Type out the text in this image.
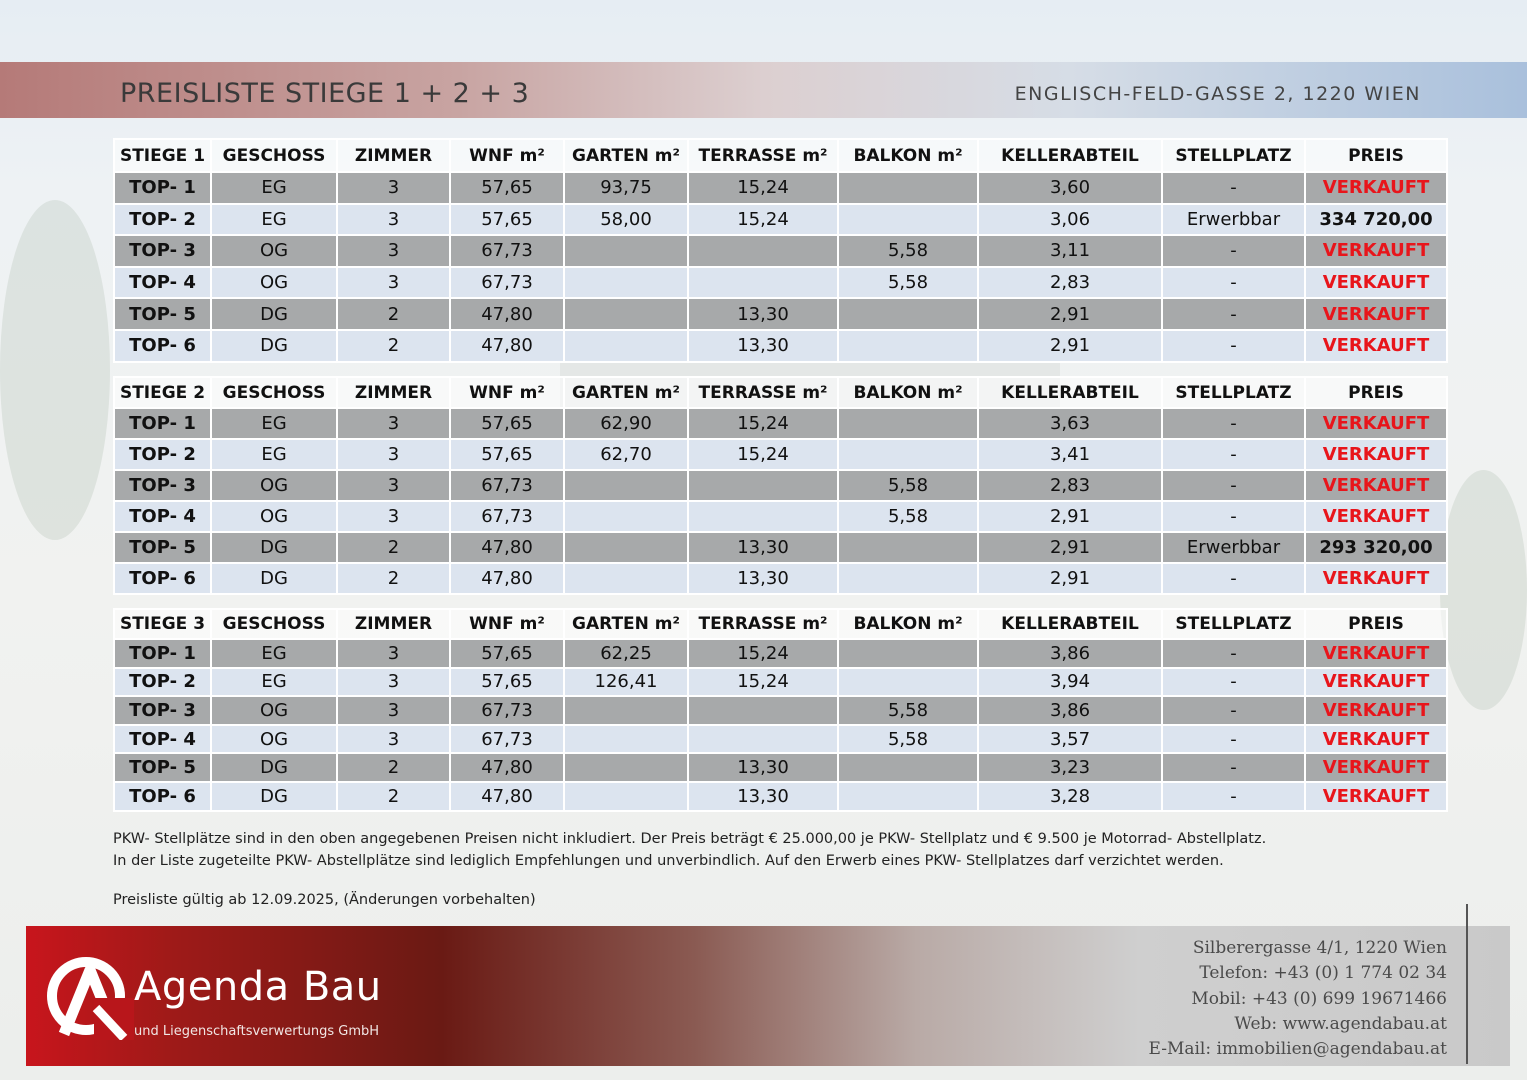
PREISLISTE STIEGE 1 + 2 + 3	ENGLISCH-FELD-GASSE 2, 1220 WIEN
STIEGE 1	GESCHOSS	ZIMMER	WNF m²	GARTEN m²	TERRASSE m²	BALKON m²	KELLERABTEIL	STELLPLATZ	PREIS
TOP- 1	EG	3	57,65	93,75	15,24		3,60	-	VERKAUFT
TOP- 2	EG	3	57,65	58,00	15,24		3,06	Erwerbbar	334 720,00
TOP- 3	OG	3	67,73			5,58	3,11	-	VERKAUFT
TOP- 4	OG	3	67,73			5,58	2,83	-	VERKAUFT
TOP- 5	DG	2	47,80		13,30		2,91	-	VERKAUFT
TOP- 6	DG	2	47,80		13,30		2,91	-	VERKAUFT
STIEGE 2	GESCHOSS	ZIMMER	WNF m²	GARTEN m²	TERRASSE m²	BALKON m²	KELLERABTEIL	STELLPLATZ	PREIS
TOP- 1	EG	3	57,65	62,90	15,24		3,63	-	VERKAUFT
TOP- 2	EG	3	57,65	62,70	15,24		3,41	-	VERKAUFT
TOP- 3	OG	3	67,73			5,58	2,83	-	VERKAUFT
TOP- 4	OG	3	67,73			5,58	2,91	-	VERKAUFT
TOP- 5	DG	2	47,80		13,30		2,91	Erwerbbar	293 320,00
TOP- 6	DG	2	47,80		13,30		2,91	-	VERKAUFT
STIEGE 3	GESCHOSS	ZIMMER	WNF m²	GARTEN m²	TERRASSE m²	BALKON m²	KELLERABTEIL	STELLPLATZ	PREIS
TOP- 1	EG	3	57,65	62,25	15,24		3,86	-	VERKAUFT
TOP- 2	EG	3	57,65	126,41	15,24		3,94	-	VERKAUFT
TOP- 3	OG	3	67,73			5,58	3,86	-	VERKAUFT
TOP- 4	OG	3	67,73			5,58	3,57	-	VERKAUFT
TOP- 5	DG	2	47,80		13,30		3,23	-	VERKAUFT
TOP- 6	DG	2	47,80		13,30		3,28	-	VERKAUFT
PKW- Stellplätze sind in den oben angegebenen Preisen nicht inkludiert. Der Preis beträgt € 25.000,00 je PKW- Stellplatz und € 9.500 je Motorrad- Abstellplatz.
In der Liste zugeteilte PKW- Abstellplätze sind lediglich Empfehlungen und unverbindlich. Auf den Erwerb eines PKW- Stellplatzes darf verzichtet werden.
Preisliste gültig ab 12.09.2025, (Änderungen vorbehalten)
Agenda Bau
und Liegenschaftsverwertungs GmbH
Silberergasse 4/1, 1220 Wien
Telefon: +43 (0) 1 774 02 34
Mobil: +43 (0) 699 19671466
Web: www.agendabau.at
E-Mail: immobilien@agendabau.at
